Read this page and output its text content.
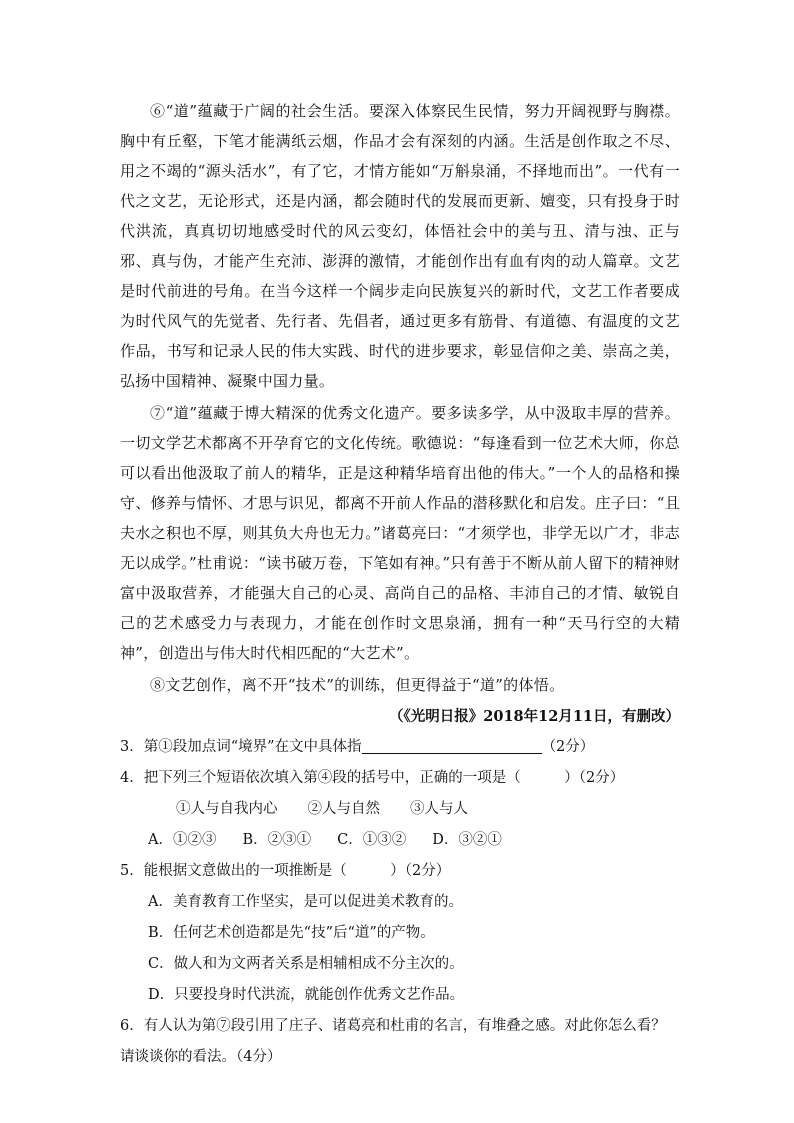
⑥“道”蕴藏于广阔的社会生活。要深入体察民生民情，努力开阔视野与胸襟。胸中有丘壑，下笔才能满纸云烟，作品才会有深刻的内涵。生活是创作取之不尽、用之不竭的“源头活水”，有了它，才情方能如“万斛泉涌，不择地而出”。一代有一代之文艺，无论形式，还是内涵，都会随时代的发展而更新、嬗变，只有投身于时代洪流，真真切切地感受时代的风云变幻，体悟社会中的美与丑、清与浊、正与邪、真与伪，才能产生充沛、澎湃的激情，才能创作出有血有肉的动人篇章。文艺是时代前进的号角。在当今这样一个阔步走向民族复兴的新时代，文艺工作者要成为时代风气的先觉者、先行者、先倡者，通过更多有筋骨、有道德、有温度的文艺作品，书写和记录人民的伟大实践、时代的进步要求，彰显信仰之美、崇高之美，弘扬中国精神、凝聚中国力量。

⑦“道”蕴藏于博大精深的优秀文化遗产。要多读多学，从中汲取丰厚的营养。一切文学艺术都离不开孕育它的文化传统。歌德说：“每逢看到一位艺术大师，你总可以看出他汲取了前人的精华，正是这种精华培育出他的伟大。”一个人的品格和操守、修养与情怀、才思与识见，都离不开前人作品的潜移默化和启发。庄子曰：“且夫水之积也不厚，则其负大舟也无力。”诸葛亮曰：“才须学也，非学无以广才，非志无以成学。”杜甫说：“读书破万卷，下笔如有神。”只有善于不断从前人留下的精神财富中汲取营养，才能强大自己的心灵、高尚自己的品格、丰沛自己的才情、敏锐自己的艺术感受力与表现力，才能在创作时文思泉涌，拥有一种“天马行空的大精神”，创造出与伟大时代相匹配的“大艺术”。

⑧文艺创作，离不开“技术”的训练，但更得益于“道”的体悟。

（《光明日报》2018年12月11日，有删改）

3．第①段加点词“境界”在文中具体指	（2分）

4．把下列三个短语依次填入第④段的括号中，正确的一项是（　　　）（2分）

①人与自我内心 ②人与自然 ③人与人

A．①②③ B．②③① C．①③② D．③②①

5．能根据文意做出的一项推断是（　　　）（2分）

A．美育教育工作坚实，是可以促进美术教育的。

B．任何艺术创造都是先“技”后“道”的产物。

C．做人和为文两者关系是相辅相成不分主次的。

D．只要投身时代洪流，就能创作优秀文艺作品。

6．有人认为第⑦段引用了庄子、诸葛亮和杜甫的名言，有堆叠之感。对此你怎么看？请谈谈你的看法。（4分）
